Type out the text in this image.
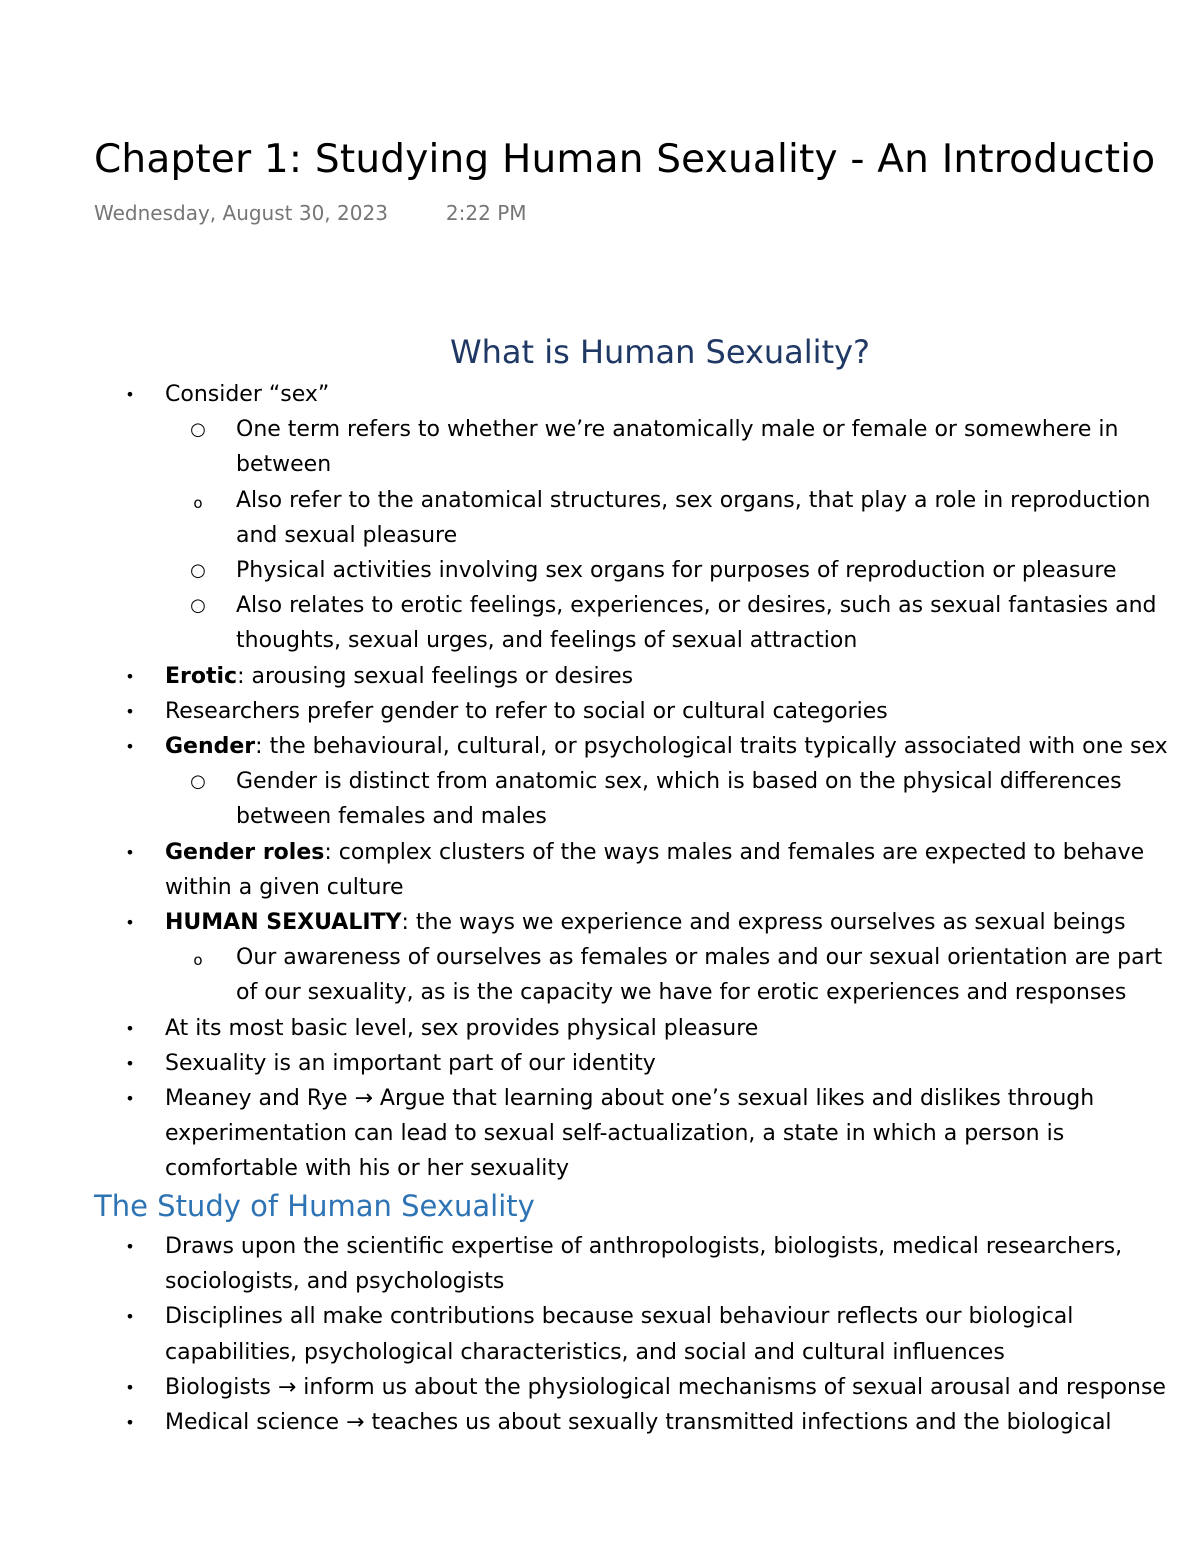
Chapter 1: Studying Human Sexuality - An Introductio
Wednesday, August 30, 2023	2:22 PM
What is Human Sexuality?
• Consider “sex”
○ One term refers to whether we’re anatomically male or female or somewhere in
between
o	Also refer to the anatomical structures, sex organs, that play a role in reproduction
and sexual pleasure
○ Physical activities involving sex organs for purposes of reproduction or pleasure
○ Also relates to erotic feelings, experiences, or desires, such as sexual fantasies and
thoughts, sexual urges, and feelings of sexual attraction
• Erotic: arousing sexual feelings or desires
• Researchers prefer gender to refer to social or cultural categories
• Gender: the behavioural, cultural, or psychological traits typically associated with one sex
○ Gender is distinct from anatomic sex, which is based on the physical differences
between females and males
• Gender roles: complex clusters of the ways males and females are expected to behave
within a given culture
• HUMAN SEXUALITY: the ways we experience and express ourselves as sexual beings
o	Our awareness of ourselves as females or males and our sexual orientation are part
of our sexuality, as is the capacity we have for erotic experiences and responses
• At its most basic level, sex provides physical pleasure
• Sexuality is an important part of our identity
• Meaney and Rye → Argue that learning about one’s sexual likes and dislikes through
experimentation can lead to sexual self-actualization, a state in which a person is
comfortable with his or her sexuality
The Study of Human Sexuality
• Draws upon the scientific expertise of anthropologists, biologists, medical researchers,
sociologists, and psychologists
• Disciplines all make contributions because sexual behaviour reflects our biological
capabilities, psychological characteristics, and social and cultural influences
• Biologists → inform us about the physiological mechanisms of sexual arousal and response
• Medical science → teaches us about sexually transmitted infections and the biological
